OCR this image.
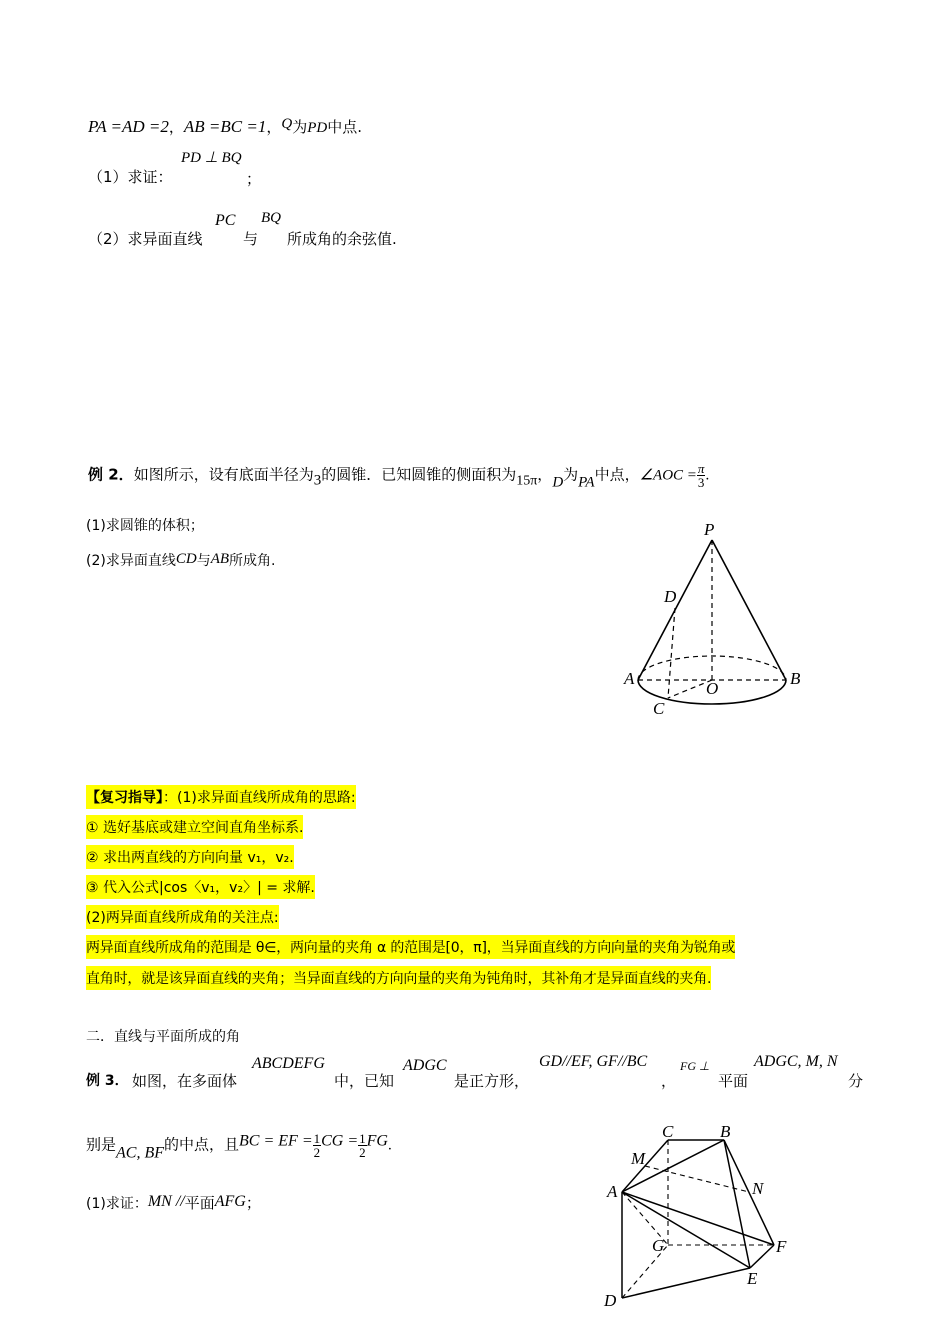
PA =AD =2，AB =BC =1，Q为PD中点.
（1）求证：
PD ⊥ BQ
；
（2）求异面直线
PC
与
BQ
所成角的余弦值.
例 2．如图所示，设有底面半径为3的圆锥．已知圆锥的侧面积为15π，D为PA中点，∠AOC = $\frac{\pi}{3}$ .
(1)求圆锥的体积；
(2)求异面直线CD与AB所成角.
P
D
A
O
B
C
【复习指导】：(1)求异面直线所成角的思路:
① 选好基底或建立空间直角坐标系.
② 求出两直线的方向向量 v₁，v₂.
③ 代入公式|cos〈v₁，v₂〉| = 求解.
(2)两异面直线所成角的关注点:
两异面直线所成角的范围是 θ∈，两向量的夹角 α 的范围是[0，π]，当异面直线的方向向量的夹角为锐角或
直角时，就是该异面直线的夹角；当异面直线的方向向量的夹角为钝角时，其补角才是异面直线的夹角.
二．直线与平面所成的角
例 3． 如图，在多面体
ABCDEFG
中，已知
ADGC
是正方形，
GD//EF, GF//BC
，
FG ⊥
平面
ADGC, M, N
分
别是AC, BF的中点，且BC = EF = $\frac{1}{2}$ CG = $\frac{1}{2}$ FG.
(1)求证：MN //平面AFG；
C	B
M
N
A
G	F
E
D
